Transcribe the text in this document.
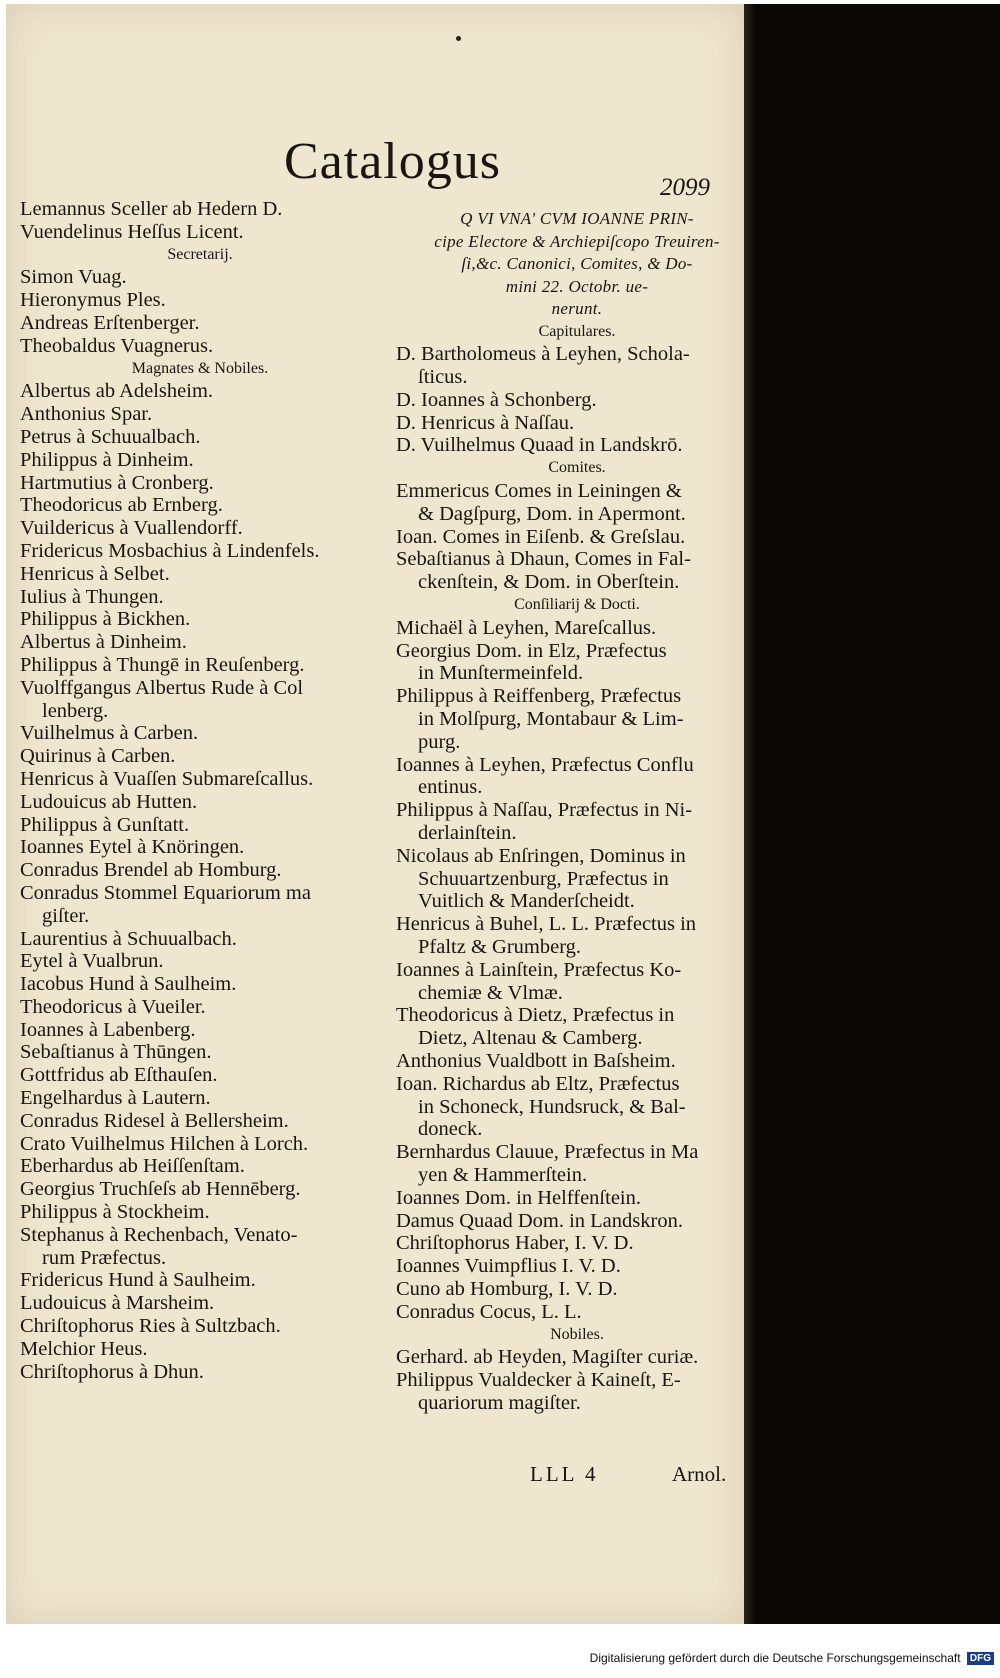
Catalogus	2099
Lemannus Sceller ab Hedern D.
Vuendelinus Heſſus Licent.
Secretarij.
Simon Vuag.
Hieronymus Ples.
Andreas Erſtenberger.
Theobaldus Vuagnerus.
Magnates & Nobiles.
Albertus ab Adelsheim.
Anthonius Spar.
Petrus à Schuualbach.
Philippus à Dinheim.
Hartmutius à Cronberg.
Theodoricus ab Ernberg.
Vuildericus à Vuallendorff.
Fridericus Mosbachius à Lindenfels.
Henricus à Selbet.
Iulius à Thungen.
Philippus à Bickhen.
Albertus à Dinheim.
Philippus à Thungē in Reuſenberg.
Vuolffgangus Albertus Rude à Col
lenberg.
Vuilhelmus à Carben.
Quirinus à Carben.
Henricus à Vuaſſen Submareſcallus.
Ludouicus ab Hutten.
Philippus à Gunſtatt.
Ioannes Eytel à Knöringen.
Conradus Brendel ab Homburg.
Conradus Stommel Equariorum ma
giſter.
Laurentius à Schuualbach.
Eytel à Vualbrun.
Iacobus Hund à Saulheim.
Theodoricus à Vueiler.
Ioannes à Labenberg.
Sebaſtianus à Thūngen.
Gottfridus ab Eſthauſen.
Engelhardus à Lautern.
Conradus Ridesel à Bellersheim.
Crato Vuilhelmus Hilchen à Lorch.
Eberhardus ab Heiſſenſtam.
Georgius Truchſeſs ab Hennēberg.
Philippus à Stockheim.
Stephanus à Rechenbach, Venato-
rum Præfectus.
Fridericus Hund à Saulheim.
Ludouicus à Marsheim.
Chriſtophorus Ries à Sultzbach.
Melchior Heus.
Chriſtophorus à Dhun.
Q VI VNA' CVM IOANNE PRIN-
cipe Electore & Archiepiſcopo Treuiren-
ſi,&c. Canonici, Comites, & Do-
mini 22. Octobr. ue-
nerunt.
Capitulares.
D. Bartholomeus à Leyhen, Schola-
ſticus.
D. Ioannes à Schonberg.
D. Henricus à Naſſau.
D. Vuilhelmus Quaad in Landskrō.
Comites.
Emmericus Comes in Leiningen &
& Dagſpurg, Dom. in Apermont.
Ioan. Comes in Eiſenb. & Greſslau.
Sebaſtianus à Dhaun, Comes in Fal-
ckenſtein, & Dom. in Oberſtein.
Conſiliarij & Docti.
Michaël à Leyhen, Mareſcallus.
Georgius Dom. in Elz, Præfectus
in Munſtermeinfeld.
Philippus à Reiffenberg, Præfectus
in Molſpurg, Montabaur & Lim-
purg.
Ioannes à Leyhen, Præfectus Conflu
entinus.
Philippus à Naſſau, Præfectus in Ni-
derlainſtein.
Nicolaus ab Enſringen, Dominus in
Schuuartzenburg, Præfectus in
Vuitlich & Manderſcheidt.
Henricus à Buhel, L. L. Præfectus in
Pfaltz & Grumberg.
Ioannes à Lainſtein, Præfectus Ko-
chemiæ & Vlmæ.
Theodoricus à Dietz, Præfectus in
Dietz, Altenau & Camberg.
Anthonius Vualdbott in Baſsheim.
Ioan. Richardus ab Eltz, Præfectus
in Schoneck, Hundsruck, & Bal-
doneck.
Bernhardus Clauue, Præfectus in Ma
yen & Hammerſtein.
Ioannes Dom. in Helffenſtein.
Damus Quaad Dom. in Landskron.
Chriſtophorus Haber, I. V. D.
Ioannes Vuimpflius I. V. D.
Cuno ab Homburg, I. V. D.
Conradus Cocus, L. L.
Nobiles.
Gerhard. ab Heyden, Magiſter curiæ.
Philippus Vualdecker à Kaineſt, E-
quariorum magiſter.
LLL 4	Arnol.
Digitalisierung gefördert durch die Deutsche Forschungsgemeinschaft DFG
